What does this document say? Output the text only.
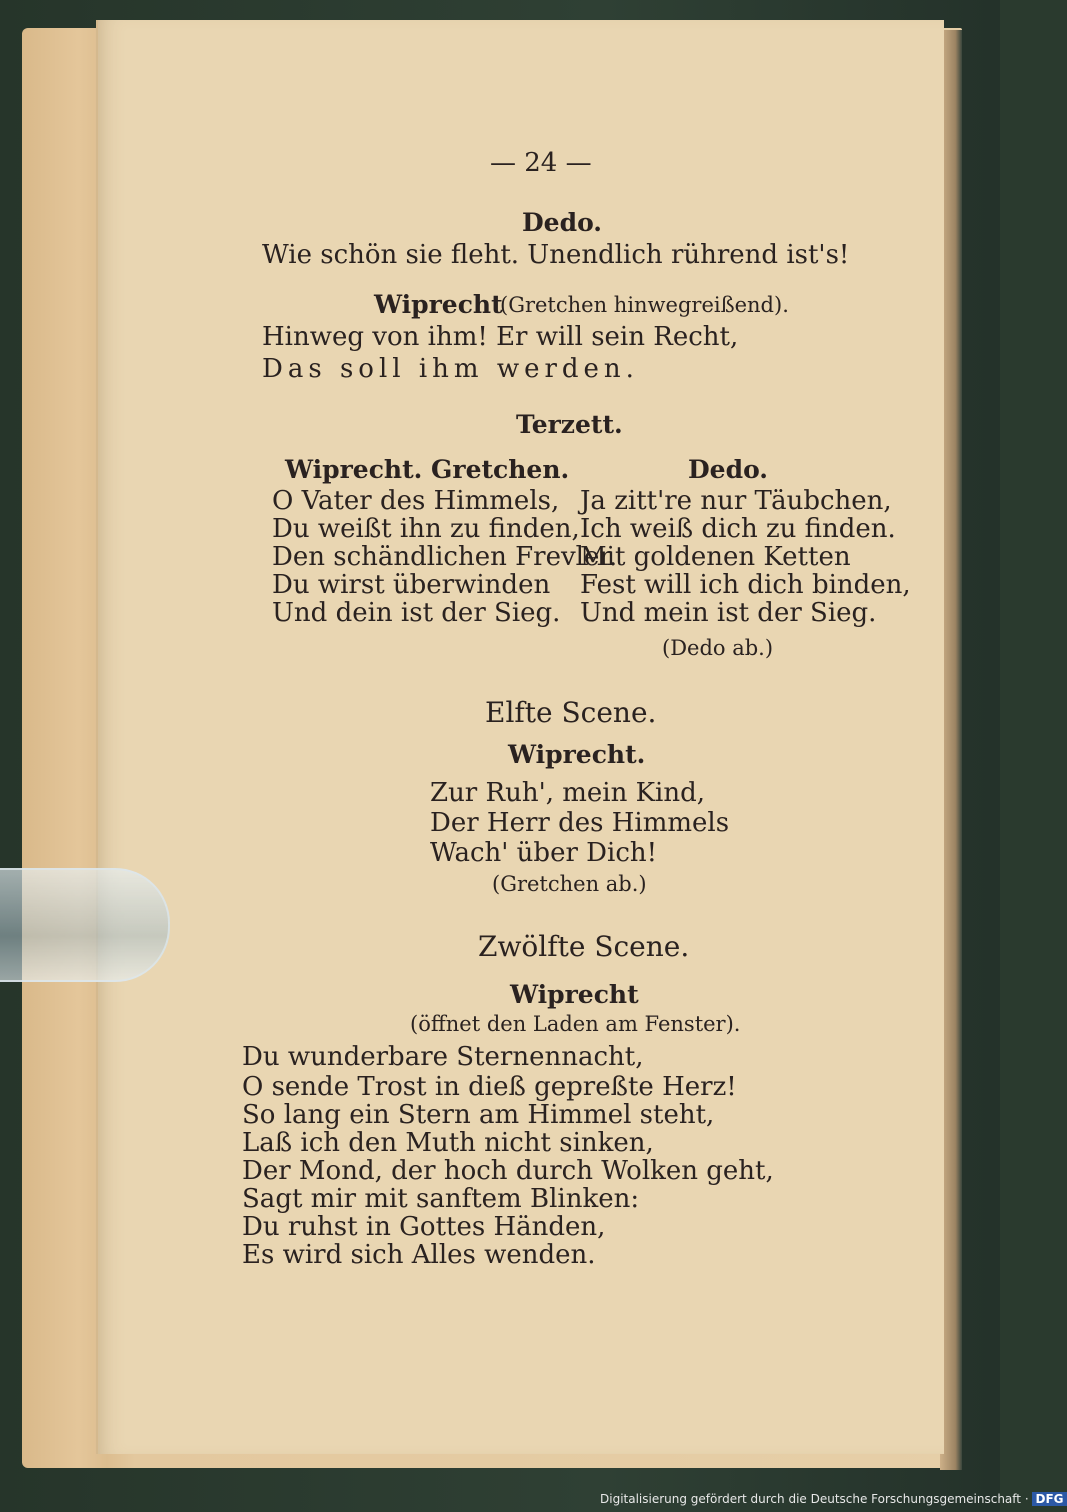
— 24 —
Dedo.
Wie schön sie fleht. Unendlich rührend ist's!
Wiprecht
(Gretchen hinwegreißend).
Hinweg von ihm! Er will sein Recht,
Das soll ihm werden.
Terzett.
Wiprecht. Gretchen.	Dedo.
O Vater des Himmels,
Du weißt ihn zu finden,
Den schändlichen Frevler.
Du wirst überwinden
Und dein ist der Sieg.
Ja zitt're nur Täubchen,
Ich weiß dich zu finden.
Mit goldenen Ketten
Fest will ich dich binden,
Und mein ist der Sieg.
(Dedo ab.)
Elfte Scene.
Wiprecht.
Zur Ruh', mein Kind,
Der Herr des Himmels
Wach' über Dich!
(Gretchen ab.)
Zwölfte Scene.
Wiprecht
(öffnet den Laden am Fenster).
Du wunderbare Sternennacht,
O sende Trost in dieß gepreßte Herz!
So lang ein Stern am Himmel steht,
Laß ich den Muth nicht sinken,
Der Mond, der hoch durch Wolken geht,
Sagt mir mit sanftem Blinken:
Du ruhst in Gottes Händen,
Es wird sich Alles wenden.
Digitalisierung gefördert durch die Deutsche Forschungsgemeinschaft · DFG
